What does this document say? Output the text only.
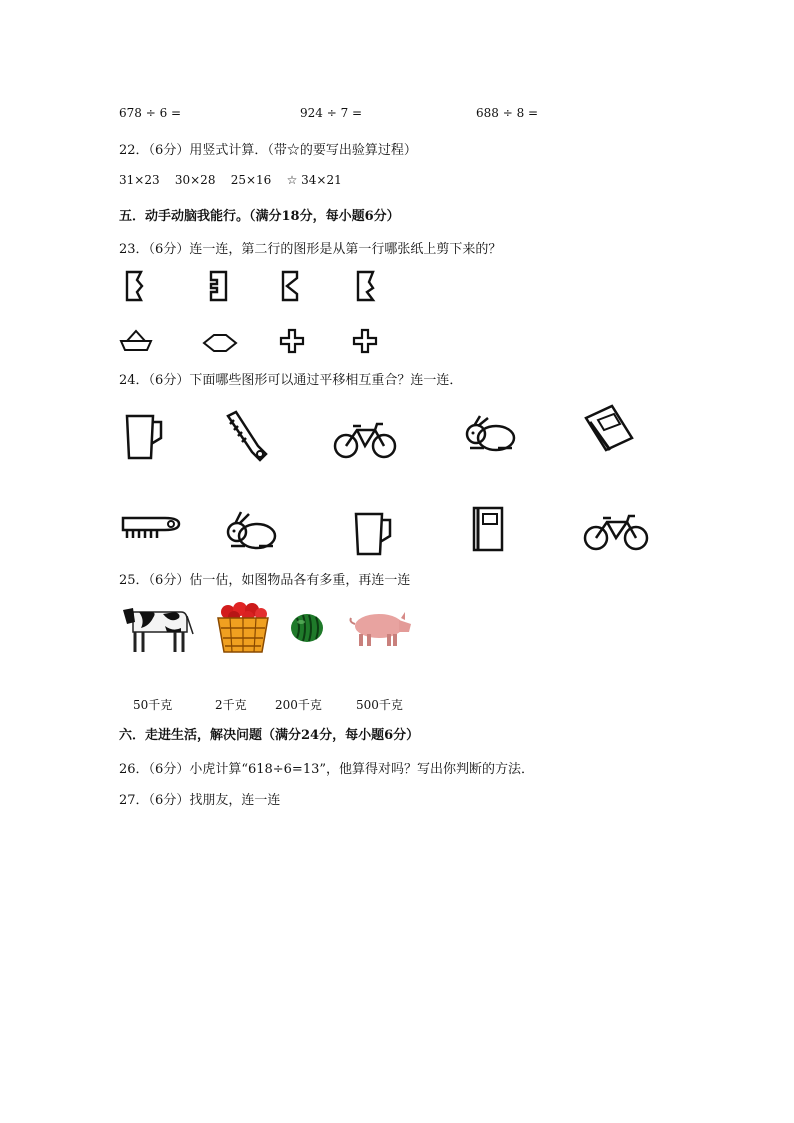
678 ÷ 6 =	924 ÷ 7 =	688 ÷ 8 =
22．（6分）用竖式计算．（带☆的要写出验算过程）
31×23 30×28 25×16 ☆ 34×21
五．动手动脑我能行。（满分18分，每小题6分）
23．（6分）连一连，第二行的图形是从第一行哪张纸上剪下来的？
24．（6分）下面哪些图形可以通过平移相互重合？连一连．
25．（6分）估一估，如图物品各有多重，再连一连
50千克	2千克 200千克	500千克
六．走进生活，解决问题（满分24分，每小题6分）
26．（6分）小虎计算“618÷6=13”，他算得对吗？写出你判断的方法．
27．（6分）找朋友，连一连
